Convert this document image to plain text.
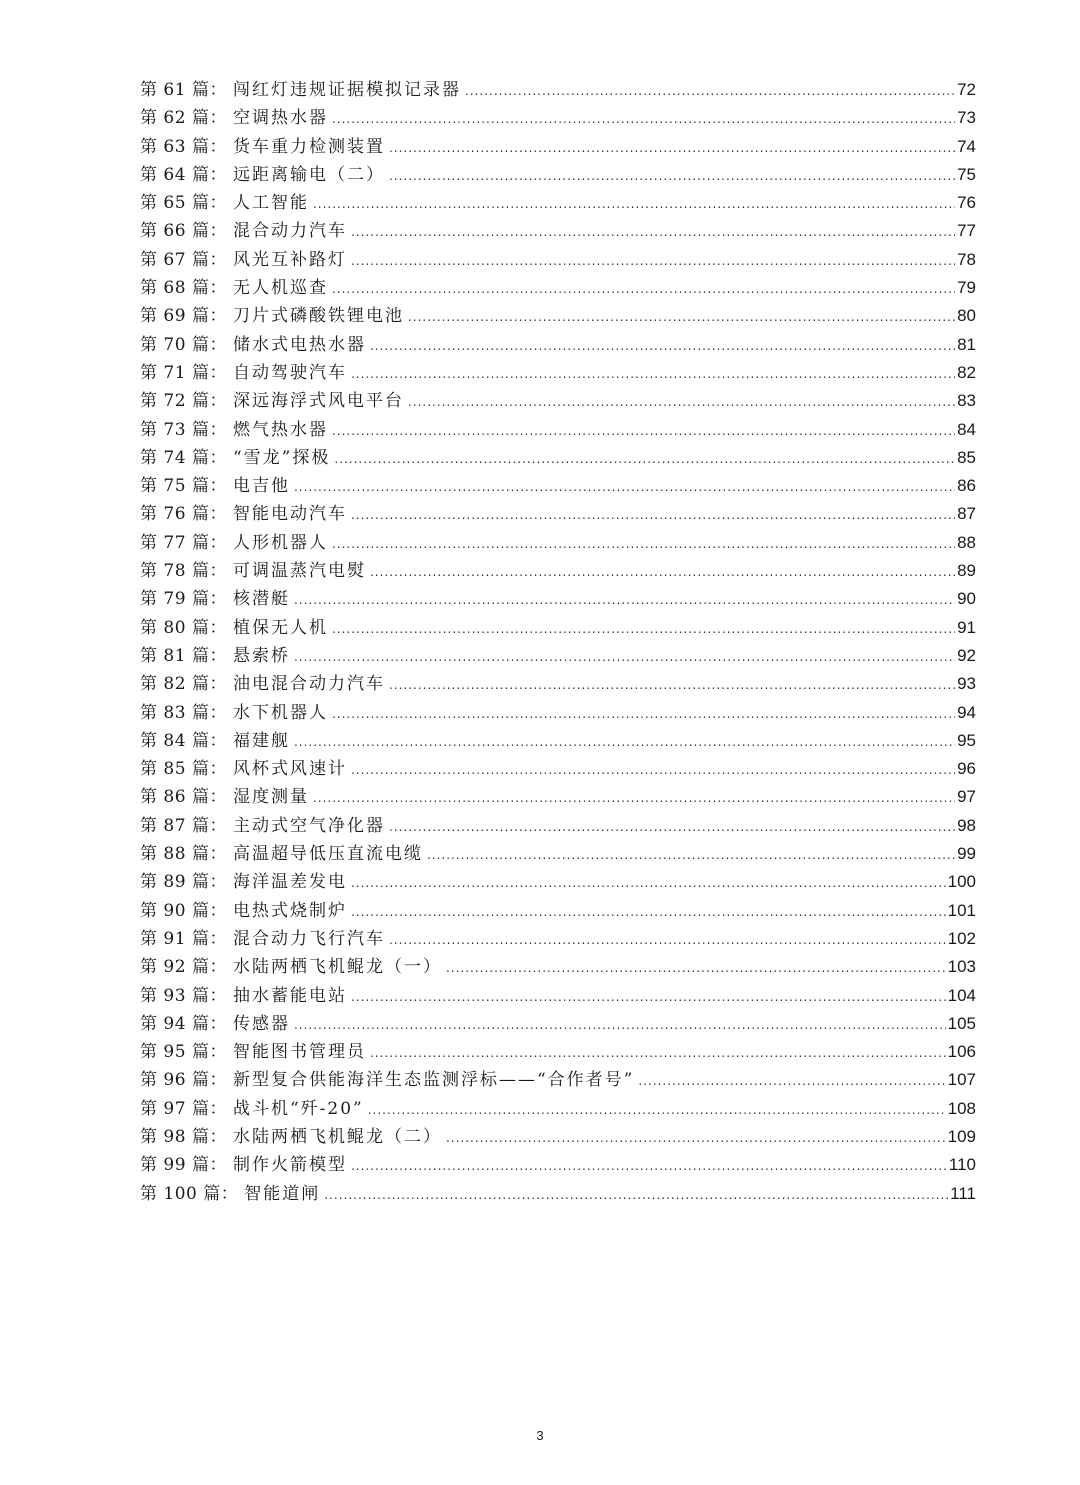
第 61 篇： 闯红灯违规证据模拟记录器 .....	72
第 62 篇： 空调热水器 .....	73
第 63 篇： 货车重力检测装置 .....	74
第 64 篇： 远距离输电（二） .....	75
第 65 篇： 人工智能 .....	76
第 66 篇： 混合动力汽车 .....	77
第 67 篇： 风光互补路灯 .....	78
第 68 篇： 无人机巡查 .....	79
第 69 篇： 刀片式磷酸铁锂电池 .....	80
第 70 篇： 储水式电热水器 .....	81
第 71 篇： 自动驾驶汽车 .....	82
第 72 篇： 深远海浮式风电平台 .....	83
第 73 篇： 燃气热水器 .....	84
第 74 篇： “雪龙”探极 .....	85
第 75 篇： 电吉他 .....	86
第 76 篇： 智能电动汽车 .....	87
第 77 篇： 人形机器人 .....	88
第 78 篇： 可调温蒸汽电熨 .....	89
第 79 篇： 核潜艇 .....	90
第 80 篇： 植保无人机 .....	91
第 81 篇： 悬索桥 .....	92
第 82 篇： 油电混合动力汽车 .....	93
第 83 篇： 水下机器人 .....	94
第 84 篇： 福建舰 .....	95
第 85 篇： 风杯式风速计 .....	96
第 86 篇： 湿度测量 .....	97
第 87 篇： 主动式空气净化器 .....	98
第 88 篇： 高温超导低压直流电缆 .....	99
第 89 篇： 海洋温差发电 .....	100
第 90 篇： 电热式烧制炉 .....	101
第 91 篇： 混合动力飞行汽车 .....	102
第 92 篇： 水陆两栖飞机鲲龙（一） .....	103
第 93 篇： 抽水蓄能电站 .....	104
第 94 篇： 传感器 .....	105
第 95 篇： 智能图书管理员 .....	106
第 96 篇： 新型复合供能海洋生态监测浮标——“合作者号” .....	107
第 97 篇： 战斗机“歼-20” .....	108
第 98 篇： 水陆两栖飞机鲲龙（二） .....	109
第 99 篇： 制作火箭模型 .....	110
第 100 篇： 智能道闸 .....	111
3
